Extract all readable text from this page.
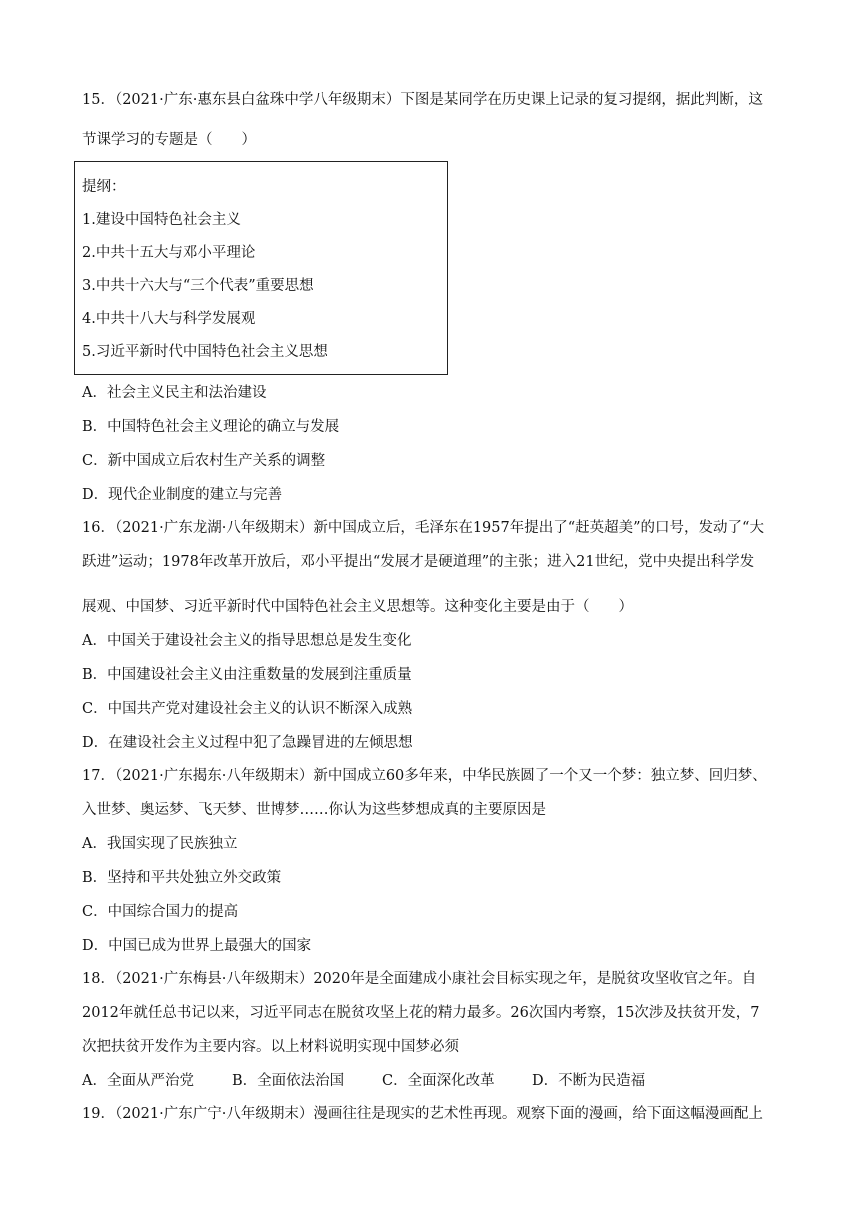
15．（2021·广东·惠东县白盆珠中学八年级期末）下图是某同学在历史课上记录的复习提纲，据此判断，这
节课学习的专题是（　　）
提纲：
1.建设中国特色社会主义
2.中共十五大与邓小平理论
3.中共十六大与“三个代表”重要思想
4.中共十八大与科学发展观
5.习近平新时代中国特色社会主义思想
A．社会主义民主和法治建设
B．中国特色社会主义理论的确立与发展
C．新中国成立后农村生产关系的调整
D．现代企业制度的建立与完善
16．（2021·广东龙湖·八年级期末）新中国成立后，毛泽东在1957年提出了“赶英超美”的口号，发动了“大
跃进”运动；1978年改革开放后，邓小平提出“发展才是硬道理”的主张；进入21世纪，党中央提出科学发
展观、中国梦、习近平新时代中国特色社会主义思想等。这种变化主要是由于（　　）
A．中国关于建设社会主义的指导思想总是发生变化
B．中国建设社会主义由注重数量的发展到注重质量
C．中国共产党对建设社会主义的认识不断深入成熟
D．在建设社会主义过程中犯了急躁冒进的左倾思想
17．（2021·广东揭东·八年级期末）新中国成立60多年来，中华民族圆了一个又一个梦：独立梦、回归梦、
入世梦、奥运梦、飞天梦、世博梦……你认为这些梦想成真的主要原因是
A．我国实现了民族独立
B．坚持和平共处独立外交政策
C．中国综合国力的提高
D．中国已成为世界上最强大的国家
18．（2021·广东梅县·八年级期末）2020年是全面建成小康社会目标实现之年，是脱贫攻坚收官之年。自
2012年就任总书记以来，习近平同志在脱贫攻坚上花的精力最多。26次国内考察，15次涉及扶贫开发，7
次把扶贫开发作为主要内容。以上材料说明实现中国梦必须
A．全面从严治党	B．全面依法治国	C．全面深化改革	D．不断为民造福
19．（2021·广东广宁·八年级期末）漫画往往是现实的艺术性再现。观察下面的漫画，给下面这幅漫画配上
